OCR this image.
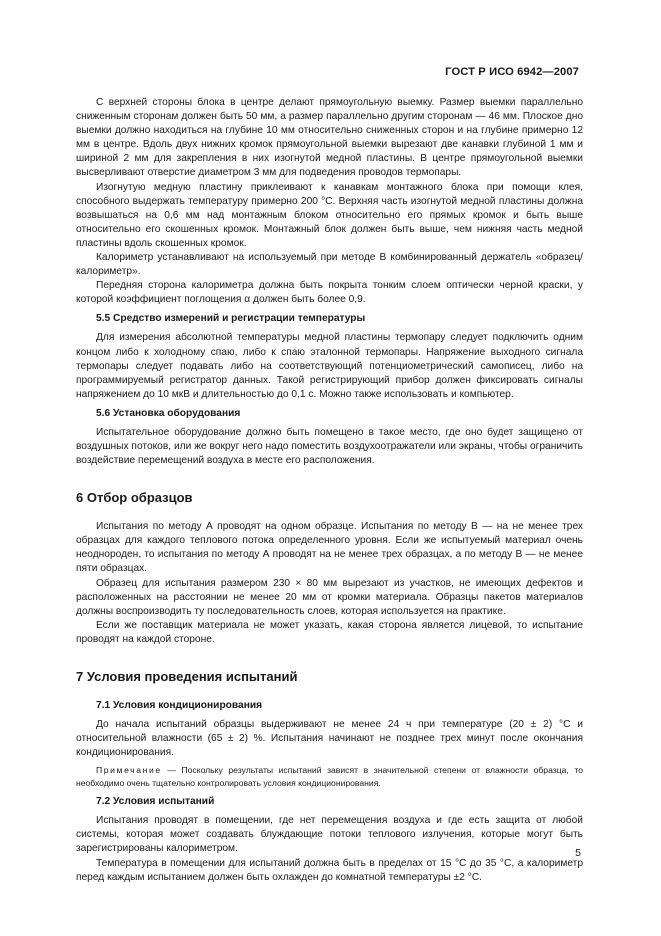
ГОСТ Р ИСО 6942—2007

С верхней стороны блока в центре делают прямоугольную выемку. Размер выемки параллельно сниженным сторонам должен быть 50 мм, а размер параллельно другим сторонам — 46 мм. Плоское дно выемки должно находиться на глубине 10 мм относительно сниженных сторон и на глубине примерно 12 мм в центре. Вдоль двух нижних кромок прямоугольной выемки вырезают две канавки глубиной 1 мм и шириной 2 мм для закрепления в них изогнутой медной пластины. В центре прямоугольной выемки высверливают отверстие диаметром 3 мм для подведения проводов термопары.

Изогнутую медную пластину приклеивают к канавкам монтажного блока при помощи клея, способного выдержать температуру примерно 200 °С. Верхняя часть изогнутой медной пластины должна возвышаться на 0,6 мм над монтажным блоком относительно его прямых кромок и быть выше относительно его скошенных кромок. Монтажный блок должен быть выше, чем нижняя часть медной пластины вдоль скошенных кромок.

Калориметр устанавливают на используемый при методе В комбинированный держатель «образец/калориметр».

Передняя сторона калориметра должна быть покрыта тонким слоем оптически черной краски, у которой коэффициент поглощения α должен быть более 0,9.

5.5 Средство измерений и регистрации температуры

Для измерения абсолютной температуры медной пластины термопару следует подключить одним концом либо к холодному спаю, либо к спаю эталонной термопары. Напряжение выходного сигнала термопары следует подавать либо на соответствующий потенциометрический самописец, либо на программируемый регистратор данных. Такой регистрирующий прибор должен фиксировать сигналы напряжением до 10 мкВ и длительностью до 0,1 с. Можно также использовать и компьютер.

5.6 Установка оборудования

Испытательное оборудование должно быть помещено в такое место, где оно будет защищено от воздушных потоков, или же вокруг него надо поместить воздухоотражатели или экраны, чтобы ограничить воздействие перемещений воздуха в месте его расположения.

6 Отбор образцов

Испытания по методу А проводят на одном образце. Испытания по методу В — на не менее трех образцах для каждого теплового потока определенного уровня. Если же испытуемый материал очень неоднороден, то испытания по методу А проводят на не менее трех образцах, а по методу В — не менее пяти образцах.

Образец для испытания размером 230 × 80 мм вырезают из участков, не имеющих дефектов и расположенных на расстоянии не менее 20 мм от кромки материала. Образцы пакетов материалов должны воспроизводить ту последовательность слоев, которая используется на практике.

Если же поставщик материала не может указать, какая сторона является лицевой, то испытание проводят на каждой стороне.

7 Условия проведения испытаний
7.1 Условия кондиционирования

До начала испытаний образцы выдерживают не менее 24 ч при температуре (20 ± 2) °С и относительной влажности (65 ± 2) %. Испытания начинают не позднее трех минут после окончания кондиционирования.

Примечание — Поскольку результаты испытаний зависят в значительной степени от влажности образца, то необходимо очень тщательно контролировать условия кондиционирования.

7.2 Условия испытаний

Испытания проводят в помещении, где нет перемещения воздуха и где есть защита от любой системы, которая может создавать блуждающие потоки теплового излучения, которые могут быть зарегистрированы калориметром.

Температура в помещении для испытаний должна быть в пределах от 15 °С до 35 °С, а калориметр перед каждым испытанием должен быть охлажден до комнатной температуры ±2 °С.

5
